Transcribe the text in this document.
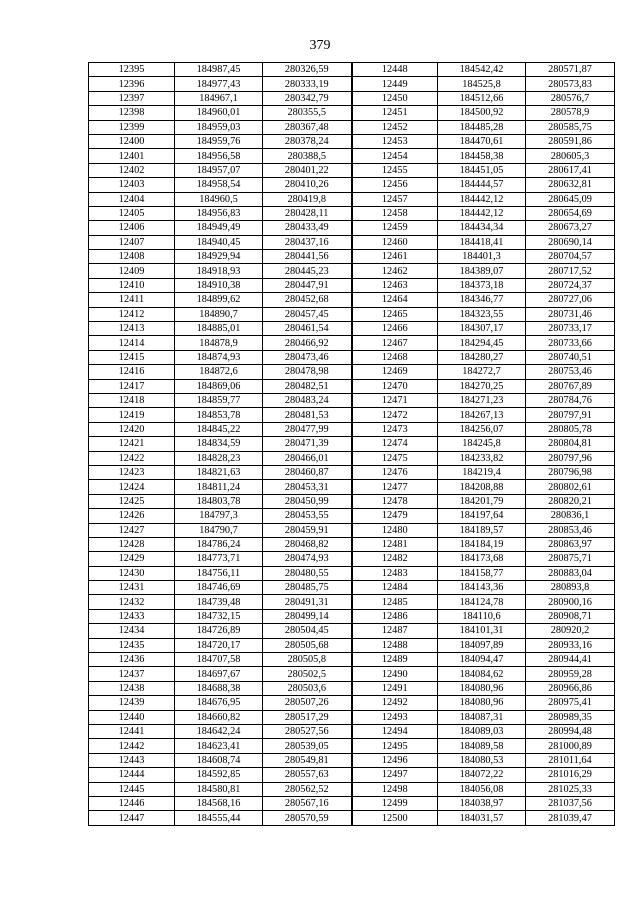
379
12395	184987,45	280326,59	12448	184542,42	280571,87
12396	184977,43	280333,19	12449	184525,8	280573,83
12397	184967,1	280342,79	12450	184512,66	280576,7
12398	184960,01	280355,5	12451	184500,92	280578,9
12399	184959,03	280367,48	12452	184485,28	280585,75
12400	184959,76	280378,24	12453	184470,61	280591,86
12401	184956,58	280388,5	12454	184458,38	280605,3
12402	184957,07	280401,22	12455	184451,05	280617,41
12403	184958,54	280410,26	12456	184444,57	280632,81
12404	184960,5	280419,8	12457	184442,12	280645,09
12405	184956,83	280428,11	12458	184442,12	280654,69
12406	184949,49	280433,49	12459	184434,34	280673,27
12407	184940,45	280437,16	12460	184418,41	280690,14
12408	184929,94	280441,56	12461	184401,3	280704,57
12409	184918,93	280445,23	12462	184389,07	280717,52
12410	184910,38	280447,91	12463	184373,18	280724,37
12411	184899,62	280452,68	12464	184346,77	280727,06
12412	184890,7	280457,45	12465	184323,55	280731,46
12413	184885,01	280461,54	12466	184307,17	280733,17
12414	184878,9	280466,92	12467	184294,45	280733,66
12415	184874,93	280473,46	12468	184280,27	280740,51
12416	184872,6	280478,98	12469	184272,7	280753,46
12417	184869,06	280482,51	12470	184270,25	280767,89
12418	184859,77	280483,24	12471	184271,23	280784,76
12419	184853,78	280481,53	12472	184267,13	280797,91
12420	184845,22	280477,99	12473	184256,07	280805,78
12421	184834,59	280471,39	12474	184245,8	280804,81
12422	184828,23	280466,01	12475	184233,82	280797,96
12423	184821,63	280460,87	12476	184219,4	280796,98
12424	184811,24	280453,31	12477	184208,88	280802,61
12425	184803,78	280450,99	12478	184201,79	280820,21
12426	184797,3	280453,55	12479	184197,64	280836,1
12427	184790,7	280459,91	12480	184189,57	280853,46
12428	184786,24	280468,82	12481	184184,19	280863,97
12429	184773,71	280474,93	12482	184173,68	280875,71
12430	184756,11	280480,55	12483	184158,77	280883,04
12431	184746,69	280485,75	12484	184143,36	280893,8
12432	184739,48	280491,31	12485	184124,78	280900,16
12433	184732,15	280499,14	12486	184110,6	280908,71
12434	184726,89	280504,45	12487	184101,31	280920,2
12435	184720,17	280505,68	12488	184097,89	280933,16
12436	184707,58	280505,8	12489	184094,47	280944,41
12437	184697,67	280502,5	12490	184084,62	280959,28
12438	184688,38	280503,6	12491	184080,96	280966,86
12439	184676,95	280507,26	12492	184080,96	280975,41
12440	184660,82	280517,29	12493	184087,31	280989,35
12441	184642,24	280527,56	12494	184089,03	280994,48
12442	184623,41	280539,05	12495	184089,58	281000,89
12443	184608,74	280549,81	12496	184080,53	281011,64
12444	184592,85	280557,63	12497	184072,22	281016,29
12445	184580,81	280562,52	12498	184056,08	281025,33
12446	184568,16	280567,16	12499	184038,97	281037,56
12447	184555,44	280570,59	12500	184031,57	281039,47
